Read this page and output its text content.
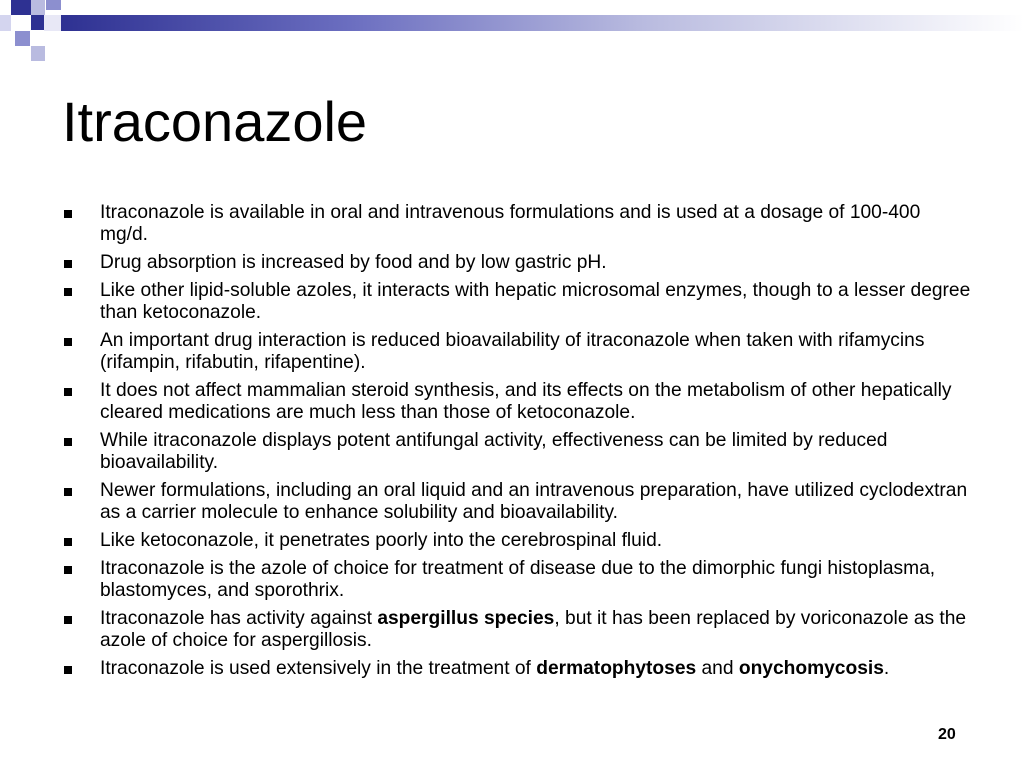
Itraconazole
Itraconazole is available in oral and intravenous formulations and is used at a dosage of 100-400 mg/d.
Drug absorption is increased by food and by low gastric pH.
Like other lipid-soluble azoles, it interacts with hepatic microsomal enzymes, though to a lesser degree than ketoconazole.
An important drug interaction is reduced bioavailability of itraconazole when taken with rifamycins (rifampin, rifabutin, rifapentine).
It does not affect mammalian steroid synthesis, and its effects on the metabolism of other hepatically cleared medications are much less than those of ketoconazole.
While itraconazole displays potent antifungal activity, effectiveness can be limited by reduced bioavailability.
Newer formulations, including an oral liquid and an intravenous preparation, have utilized cyclodextran as a carrier molecule to enhance solubility and bioavailability.
Like ketoconazole, it penetrates poorly into the cerebrospinal fluid.
Itraconazole is the azole of choice for treatment of disease due to the dimorphic fungi histoplasma, blastomyces, and sporothrix.
Itraconazole has activity against aspergillus species, but it has been replaced by voriconazole as the azole of choice for aspergillosis.
Itraconazole is used extensively in the treatment of dermatophytoses and onychomycosis.
20
